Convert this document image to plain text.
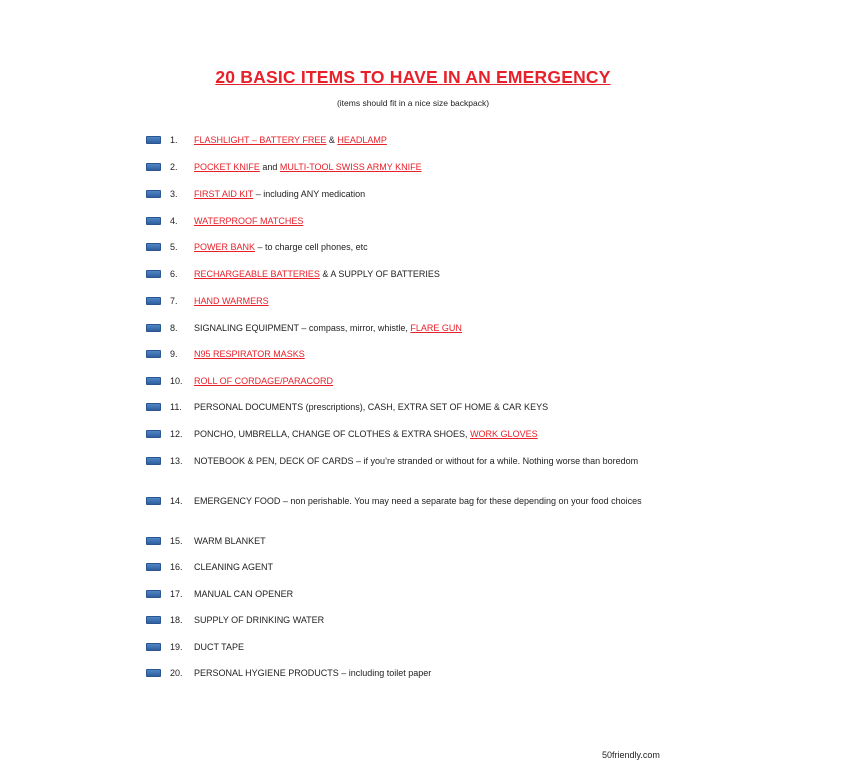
20 BASIC ITEMS TO HAVE IN AN EMERGENCY
(items should fit in a nice size backpack)
1.	FLASHLIGHT – BATTERY FREE & HEADLAMP
2.	POCKET KNIFE and MULTI-TOOL SWISS ARMY KNIFE
3.	FIRST AID KIT – including ANY medication
4.	WATERPROOF MATCHES
5.	POWER BANK – to charge cell phones, etc
6.	RECHARGEABLE BATTERIES & A SUPPLY OF BATTERIES
7.	HAND WARMERS
8.	SIGNALING EQUIPMENT – compass, mirror, whistle, FLARE GUN
9.	N95 RESPIRATOR MASKS
10.	ROLL OF CORDAGE/PARACORD
11.	PERSONAL DOCUMENTS (prescriptions), CASH, EXTRA SET OF HOME & CAR KEYS
12.	PONCHO, UMBRELLA, CHANGE OF CLOTHES & EXTRA SHOES, WORK GLOVES
13.	NOTEBOOK & PEN, DECK OF CARDS – if you’re stranded or without for a while. Nothing worse than boredom
14.	EMERGENCY FOOD – non perishable. You may need a separate bag for these depending on your food choices
15.	WARM BLANKET
16.	CLEANING AGENT
17.	MANUAL CAN OPENER
18.	SUPPLY OF DRINKING WATER
19.	DUCT TAPE
20.	PERSONAL HYGIENE PRODUCTS – including toilet paper
50friendly.com
